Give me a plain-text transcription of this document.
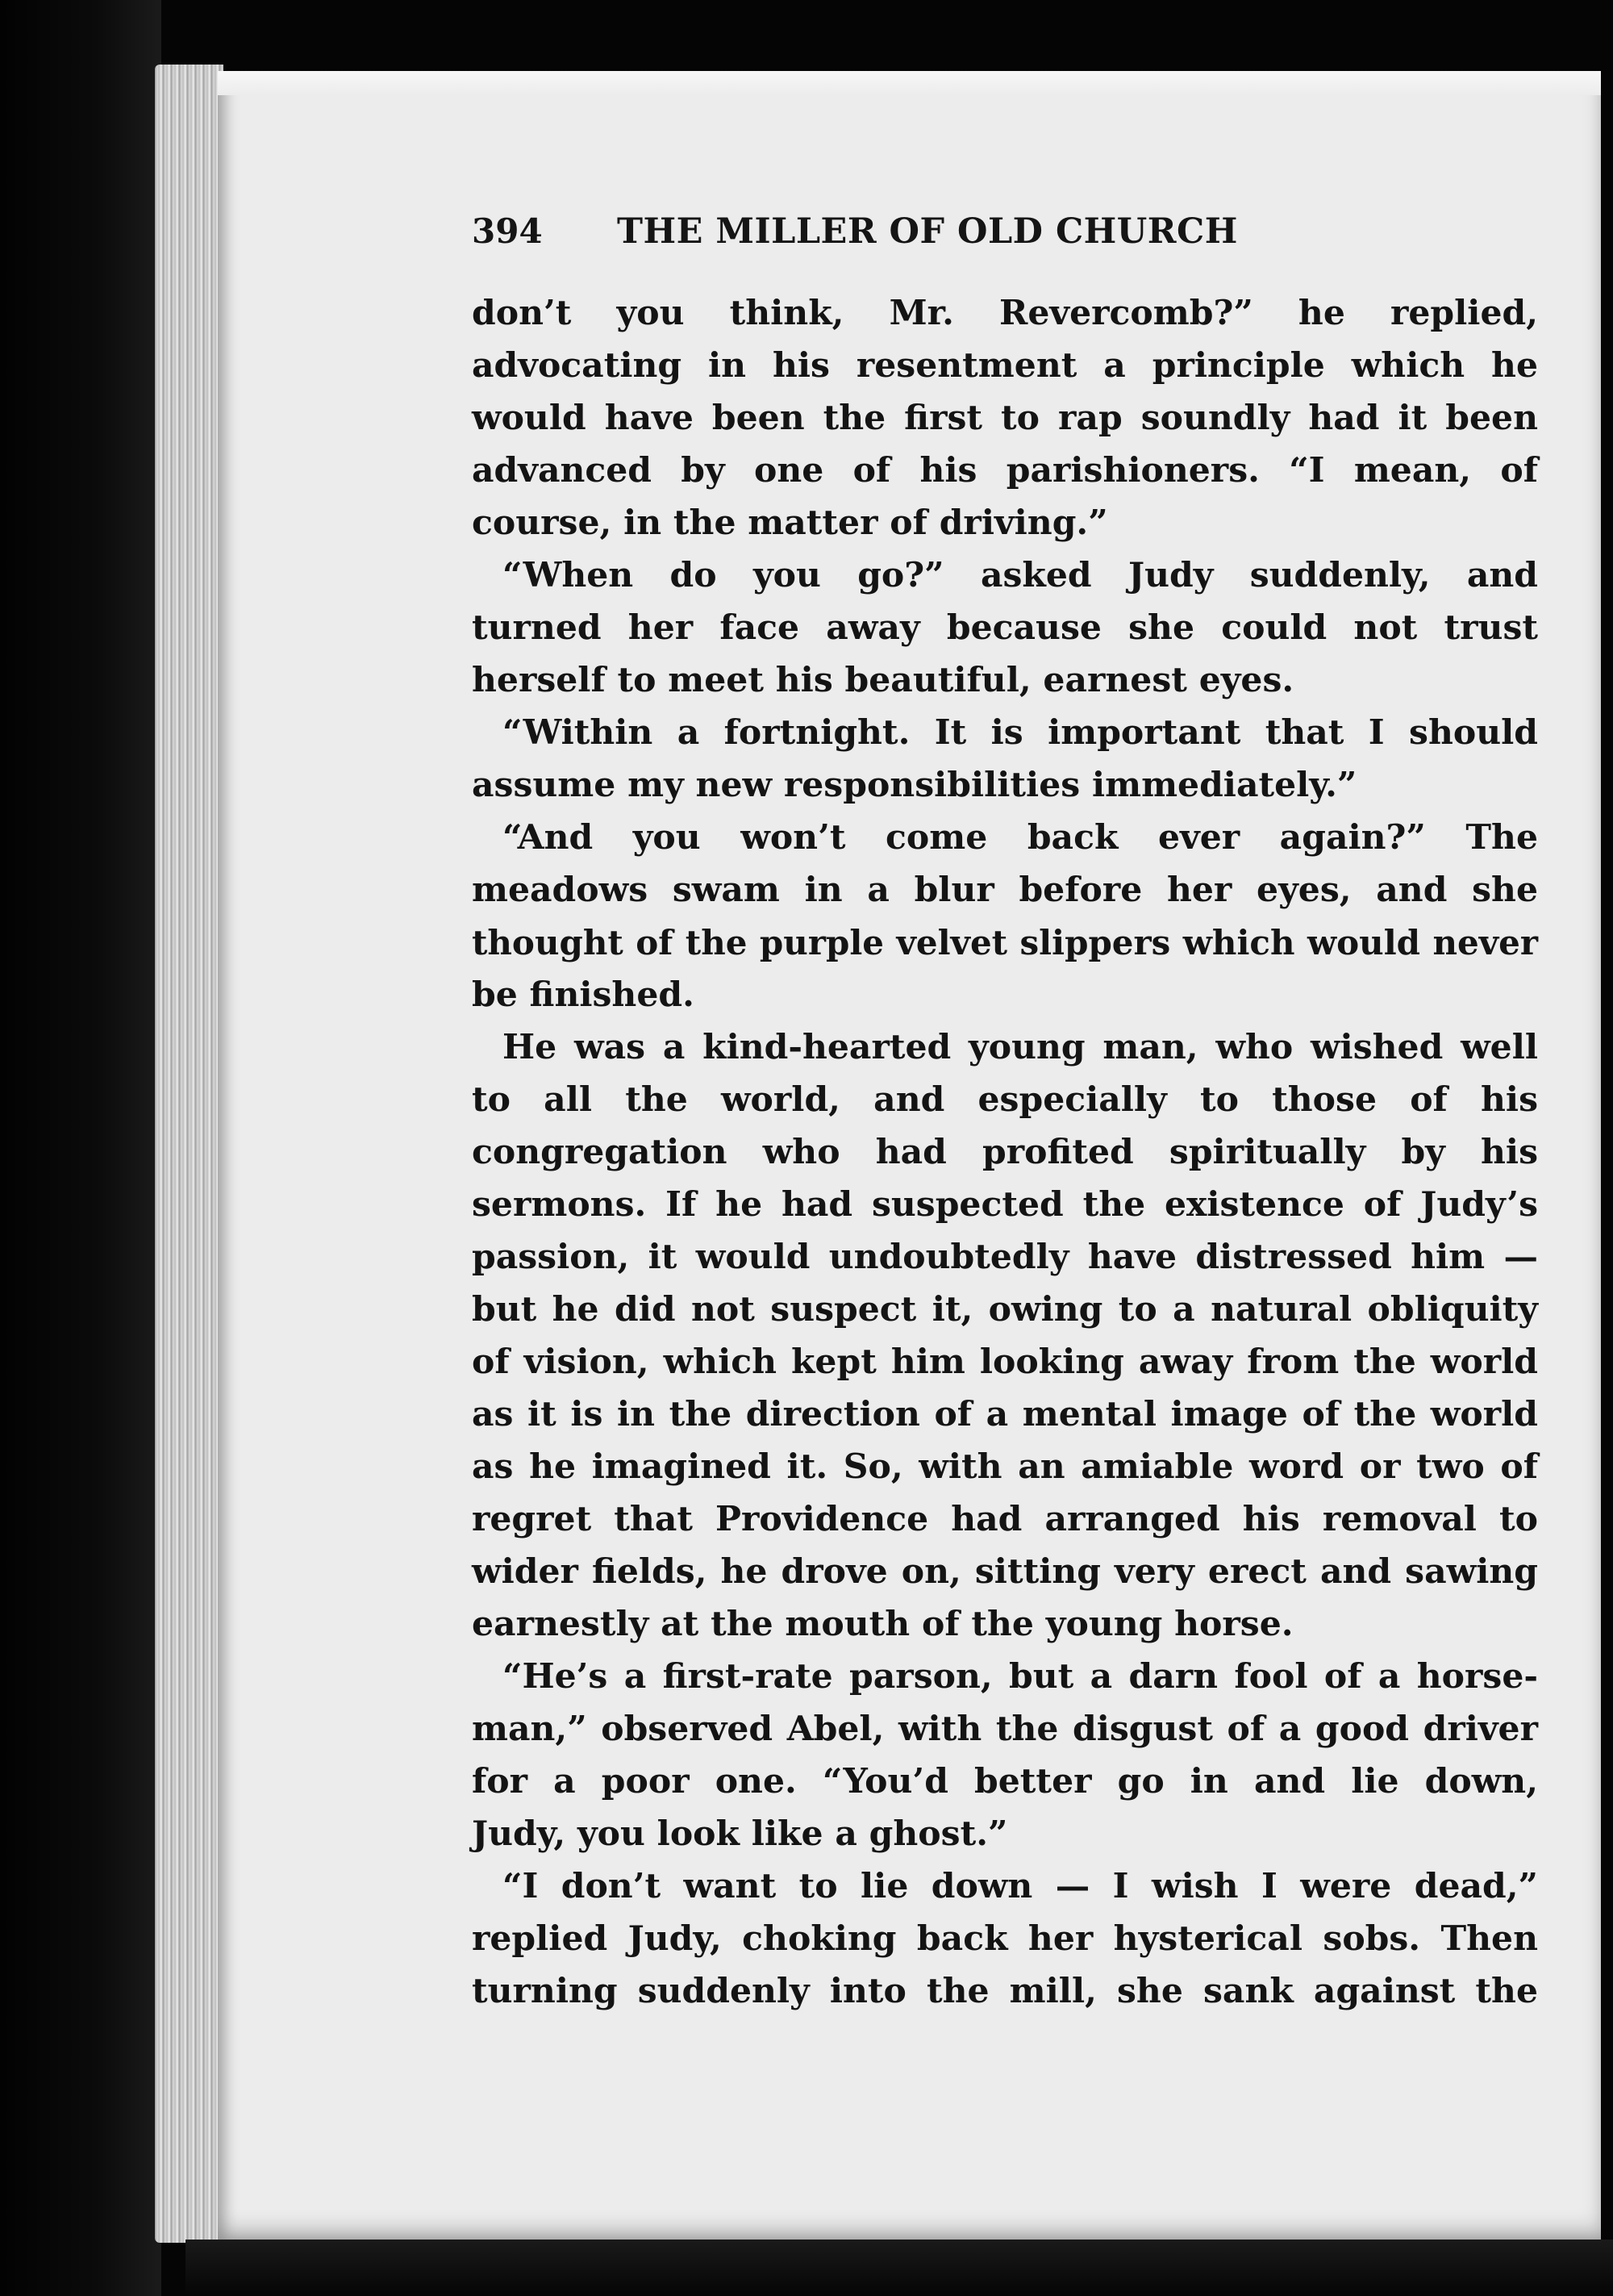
394	THE MILLER OF OLD CHURCH

don’t you think, Mr. Revercomb?” he replied,
advocating in his resentment a principle which he
would have been the first to rap soundly had it been
advanced by one of his parishioners. “I mean, of
course, in the matter of driving.”

“When do you go?” asked Judy suddenly, and
turned her face away because she could not trust
herself to meet his beautiful, earnest eyes.

“Within a fortnight. It is important that I should
assume my new responsibilities immediately.”

“And you won’t come back ever again?” The
meadows swam in a blur before her eyes, and she
thought of the purple velvet slippers which would never
be finished.

He was a kind-hearted young man, who wished well
to all the world, and especially to those of his
congregation who had profited spiritually by his
sermons. If he had suspected the existence of Judy’s
passion, it would undoubtedly have distressed him —
but he did not suspect it, owing to a natural obliquity
of vision, which kept him looking away from the world
as it is in the direction of a mental image of the world
as he imagined it. So, with an amiable word or two of
regret that Providence had arranged his removal to
wider fields, he drove on, sitting very erect and sawing
earnestly at the mouth of the young horse.

“He’s a first-rate parson, but a darn fool of a horse-
man,” observed Abel, with the disgust of a good driver
for a poor one. “You’d better go in and lie down,
Judy, you look like a ghost.”

“I don’t want to lie down — I wish I were dead,”
replied Judy, choking back her hysterical sobs. Then
turning suddenly into the mill, she sank against the
